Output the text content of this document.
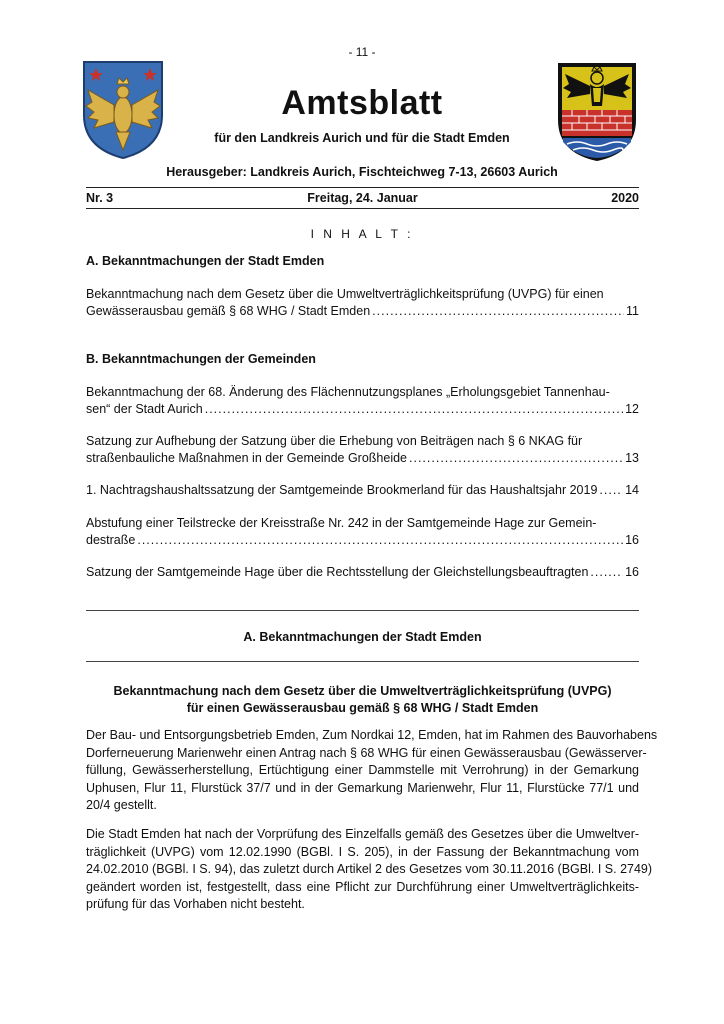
- 11 -
Amtsblatt
für den Landkreis Aurich und für die Stadt Emden
Herausgeber: Landkreis Aurich, Fischteichweg 7-13, 26603 Aurich
Nr. 3	Freitag, 24. Januar	2020
I N H A L T :
A. Bekanntmachungen der Stadt Emden
Bekanntmachung nach dem Gesetz über die Umweltverträglichkeitsprüfung (UVPG) für einen
Gewässerausbau gemäß § 68 WHG / Stadt Emden .....	11
B. Bekanntmachungen der Gemeinden
Bekanntmachung der 68. Änderung des Flächennutzungsplanes „Erholungsgebiet Tannenhau-
sen“ der Stadt Aurich .....	12
Satzung zur Aufhebung der Satzung über die Erhebung von Beiträgen nach § 6 NKAG für
straßenbauliche Maßnahmen in der Gemeinde Großheide .....	13
1. Nachtragshaushaltssatzung der Samtgemeinde Brookmerland für das Haushaltsjahr 2019 ..... 14
Abstufung einer Teilstrecke der Kreisstraße Nr. 242 in der Samtgemeinde Hage zur Gemein-
destraße .....	16
Satzung der Samtgemeinde Hage über die Rechtsstellung der Gleichstellungsbeauftragten .....	16
A. Bekanntmachungen der Stadt Emden
Bekanntmachung nach dem Gesetz über die Umweltverträglichkeitsprüfung (UVPG)
für einen Gewässerausbau gemäß § 68 WHG / Stadt Emden
Der Bau- und Entsorgungsbetrieb Emden, Zum Nordkai 12, Emden, hat im Rahmen des Bauvorhabens
Dorferneuerung Marienwehr einen Antrag nach § 68 WHG für einen Gewässerausbau (Gewässerver-
füllung, Gewässerherstellung, Ertüchtigung einer Dammstelle mit Verrohrung) in der Gemarkung
Uphusen, Flur 11, Flurstück 37/7 und in der Gemarkung Marienwehr, Flur 11, Flurstücke 77/1 und
20/4 gestellt.
Die Stadt Emden hat nach der Vorprüfung des Einzelfalls gemäß des Gesetzes über die Umweltver-
träglichkeit (UVPG) vom 12.02.1990 (BGBl. I S. 205), in der Fassung der Bekanntmachung vom
24.02.2010 (BGBl. I S. 94), das zuletzt durch Artikel 2 des Gesetzes vom 30.11.2016 (BGBl. I S. 2749)
geändert worden ist, festgestellt, dass eine Pflicht zur Durchführung einer Umweltverträglichkeits-
prüfung für das Vorhaben nicht besteht.
